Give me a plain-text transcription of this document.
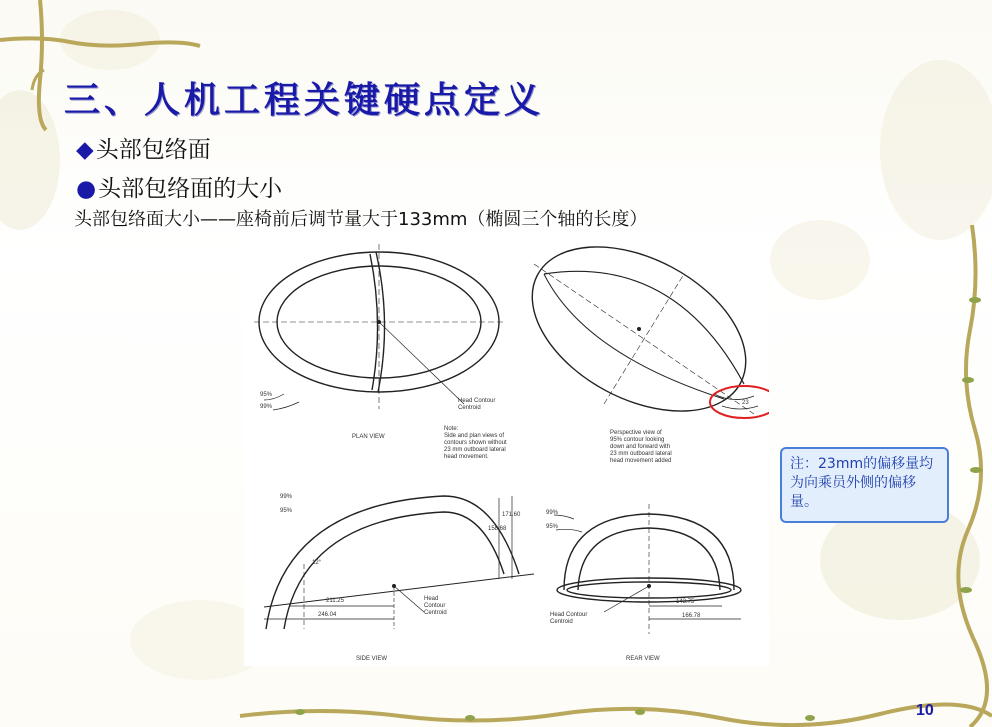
三、人机工程关键硬点定义
◆头部包络面
●头部包络面的大小
头部包络面大小——座椅前后调节量大于133mm（椭圆三个轴的长度）
95%
99%
Head Contour
Centroid
PLAN VIEW
Note:
Side and plan views of
contours shown without
23 mm outboard lateral
head movement.
Perspective view of
95% contour looking
down and forward with
23 mm outboard lateral
head movement added
23
99%
95%
12°
211.25
246.04
158.68
171.60
Head
Contour
Centroid
SIDE VIEW
99%
95%
Head Contour
Centroid
143.75
166.78
REAR VIEW
注：23mm的偏移量均为向乘员外侧的偏移量。
10
